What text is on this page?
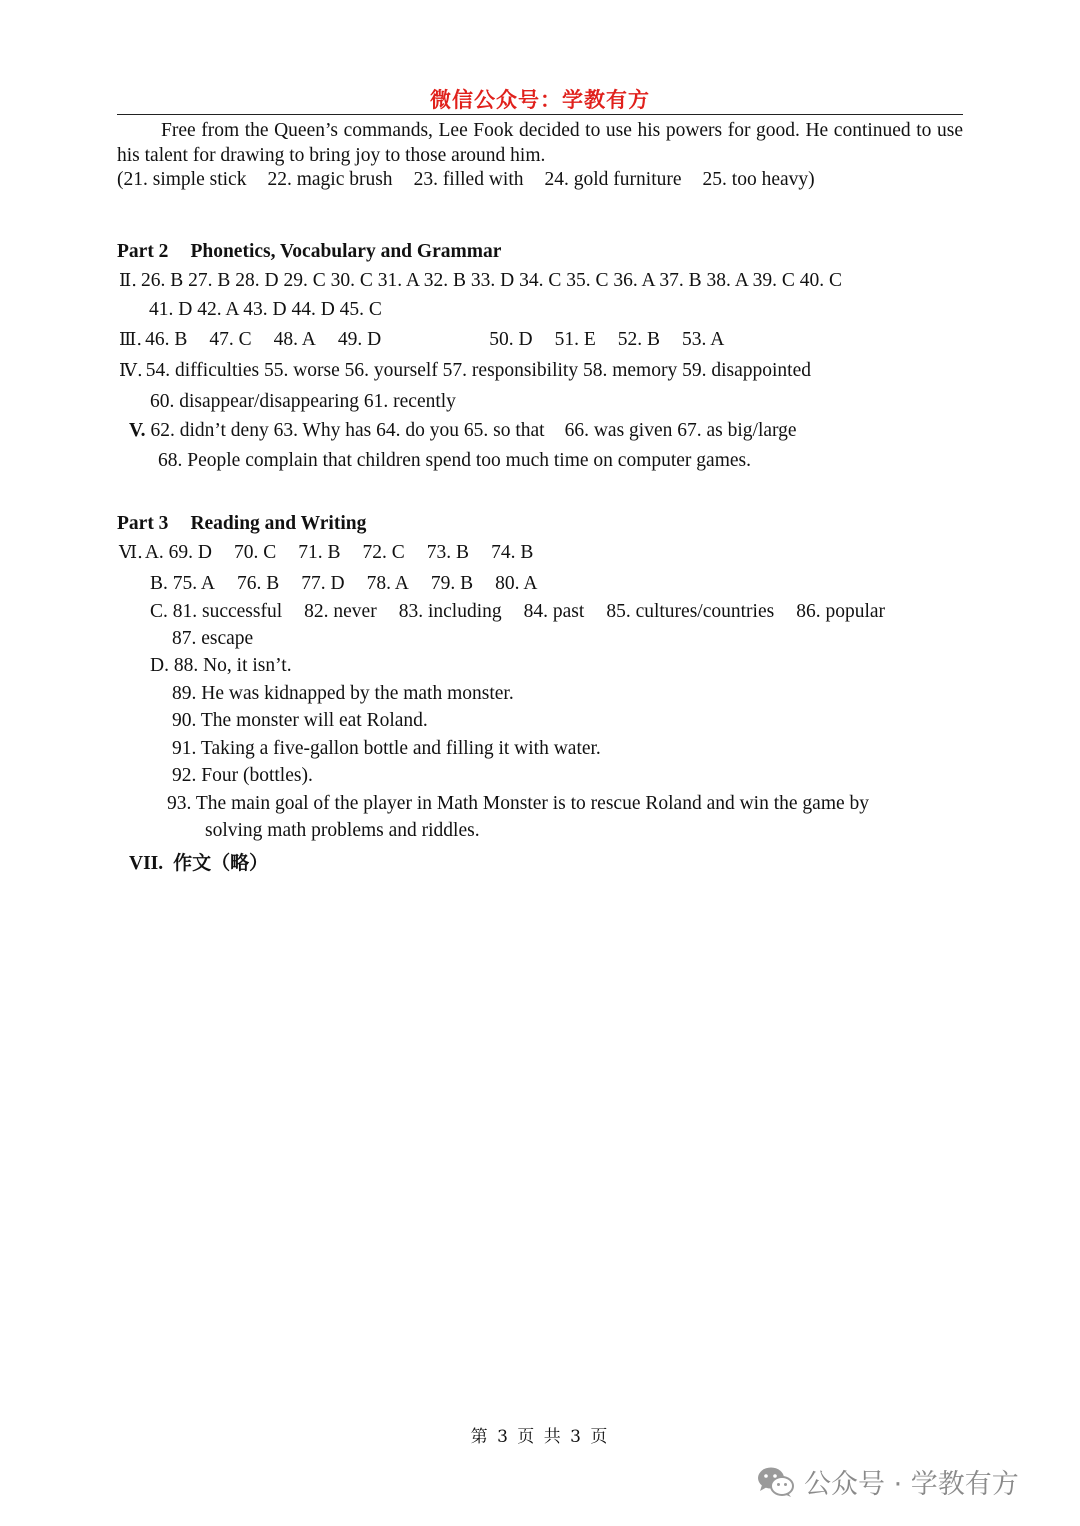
微信公众号：学教有方
Free from the Queen’s commands, Lee Fook decided to use his powers for good. He continued to use his talent for drawing to bring joy to those around him.
(21. simple stick 22. magic brush 23. filled with 24. gold furniture 25. too heavy)
Part 2 Phonetics, Vocabulary and Grammar
Ⅱ. 26. B 27. B 28. D 29. C 30. C 31. A 32. B 33. D 34. C 35. C 36. A 37. B 38. A 39. C 40. C
41. D 42. A 43. D 44. D 45. C
Ⅲ. 46. B 47. C 48. A 49. D	50. D 51. E 52. B 53. A
Ⅳ. 54. difficulties 55. worse 56. yourself 57. responsibility 58. memory 59. disappointed
60. disappear/disappearing 61. recently
V. 62. didn’t deny 63. Why has 64. do you 65. so that 66. was given 67. as big/large
68. People complain that children spend too much time on computer games.
Part 3 Reading and Writing
Ⅵ. A. 69. D 70. C 71. B 72. C 73. B 74. B
B. 75. A 76. B 77. D 78. A 79. B 80. A
C. 81. successful 82. never 83. including 84. past 85. cultures/countries 86. popular
87. escape
D. 88. No, it isn’t.
89. He was kidnapped by the math monster.
90. The monster will eat Roland.
91. Taking a five-gallon bottle and filling it with water.
92. Four (bottles).
93. The main goal of the player in Math Monster is to rescue Roland and win the game by
solving math problems and riddles.
VII. 作文（略）
第 3 页 共 3 页
公众号 · 学教有方
